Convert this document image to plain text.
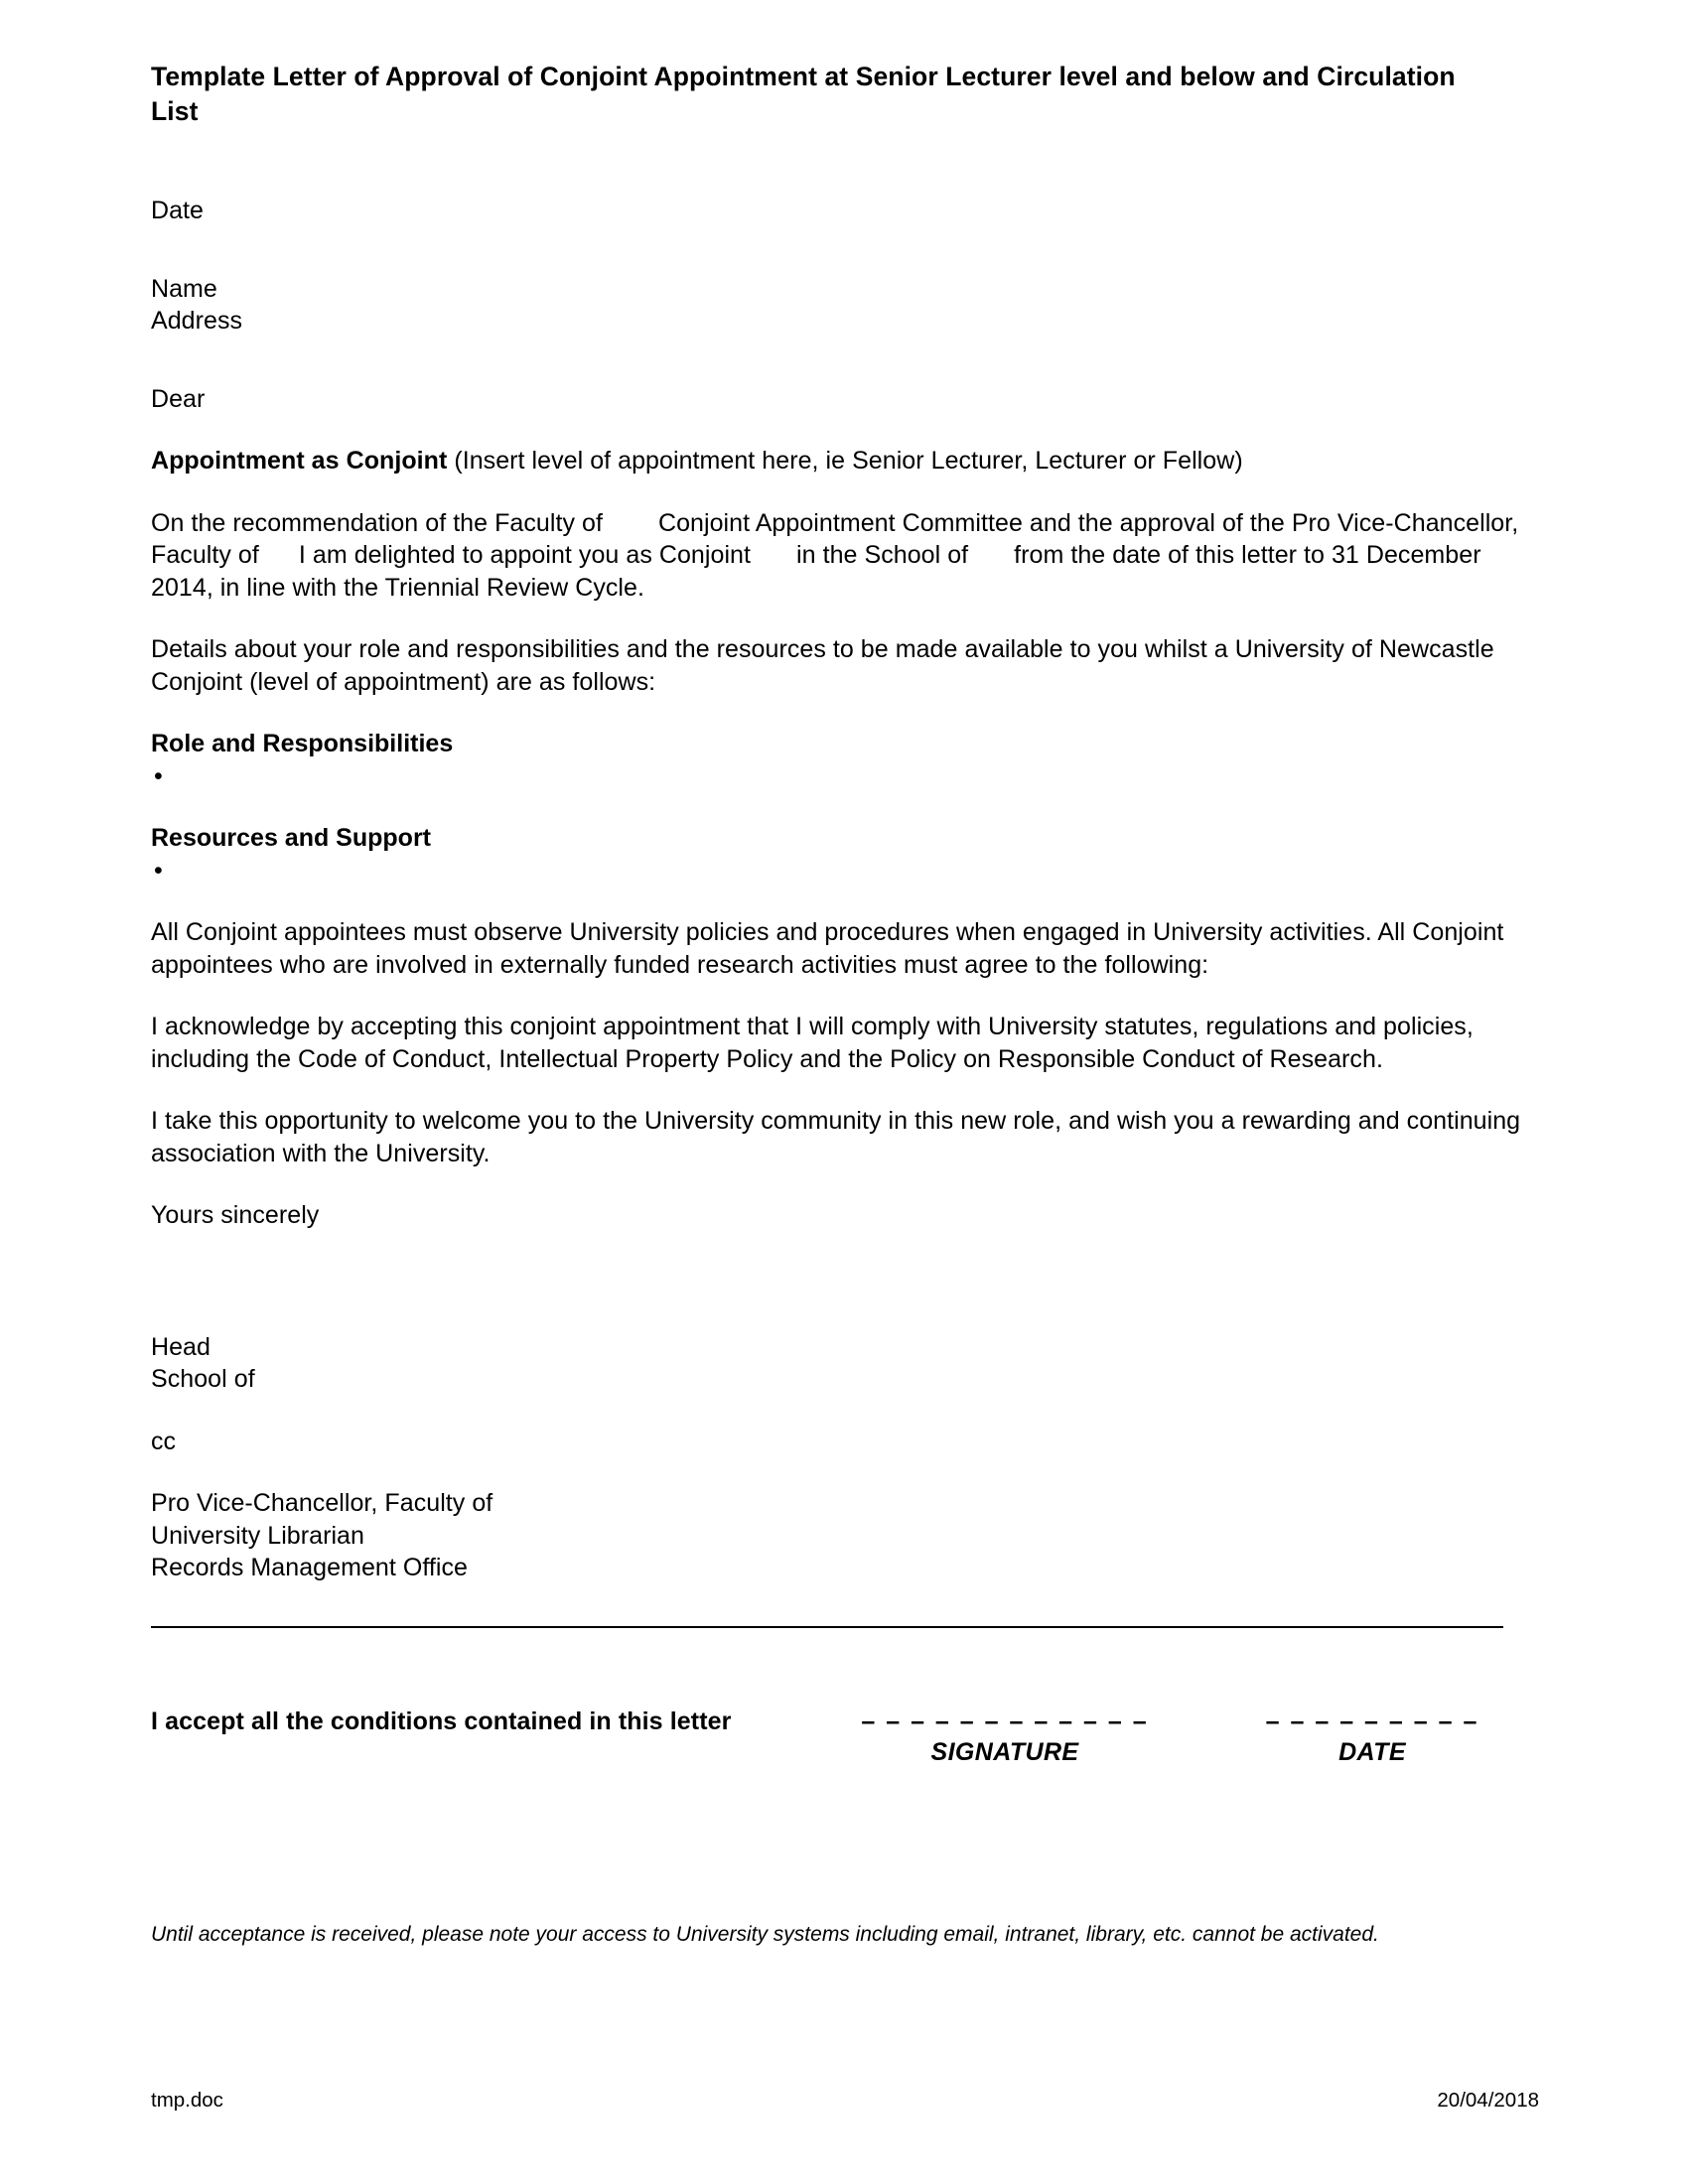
Template Letter of Approval of Conjoint Appointment at Senior Lecturer level and below and Circulation List

Date

Name

Address

Dear

Appointment as Conjoint (Insert level of appointment here, ie Senior Lecturer, Lecturer or Fellow)

On the recommendation of the Faculty of Conjoint Appointment Committee and the approval of the Pro Vice-Chancellor, Faculty of I am delighted to appoint you as Conjoint in the School of from the date of this letter to 31 December 2014, in line with the Triennial Review Cycle.

Details about your role and responsibilities and the resources to be made available to you whilst a University of Newcastle Conjoint (level of appointment) are as follows:

Role and Responsibilities

•

Resources and Support

•

All Conjoint appointees must observe University policies and procedures when engaged in University activities. All Conjoint appointees who are involved in externally funded research activities must agree to the following:

I acknowledge by accepting this conjoint appointment that I will comply with University statutes, regulations and policies, including the Code of Conduct, Intellectual Property Policy and the Policy on Responsible Conduct of Research.

I take this opportunity to welcome you to the University community in this new role, and wish you a rewarding and continuing association with the University.

Yours sincerely

Head

School of

cc

Pro Vice-Chancellor, Faculty of

University Librarian

Records Management Office

I accept all the conditions contained in this letter	– – – – – – – – – – – –
SIGNATURE
– – – – – – – – –
DATE

Until acceptance is received, please note your access to University systems including email, intranet, library, etc. cannot be activated.

tmp.doc	20/04/2018
